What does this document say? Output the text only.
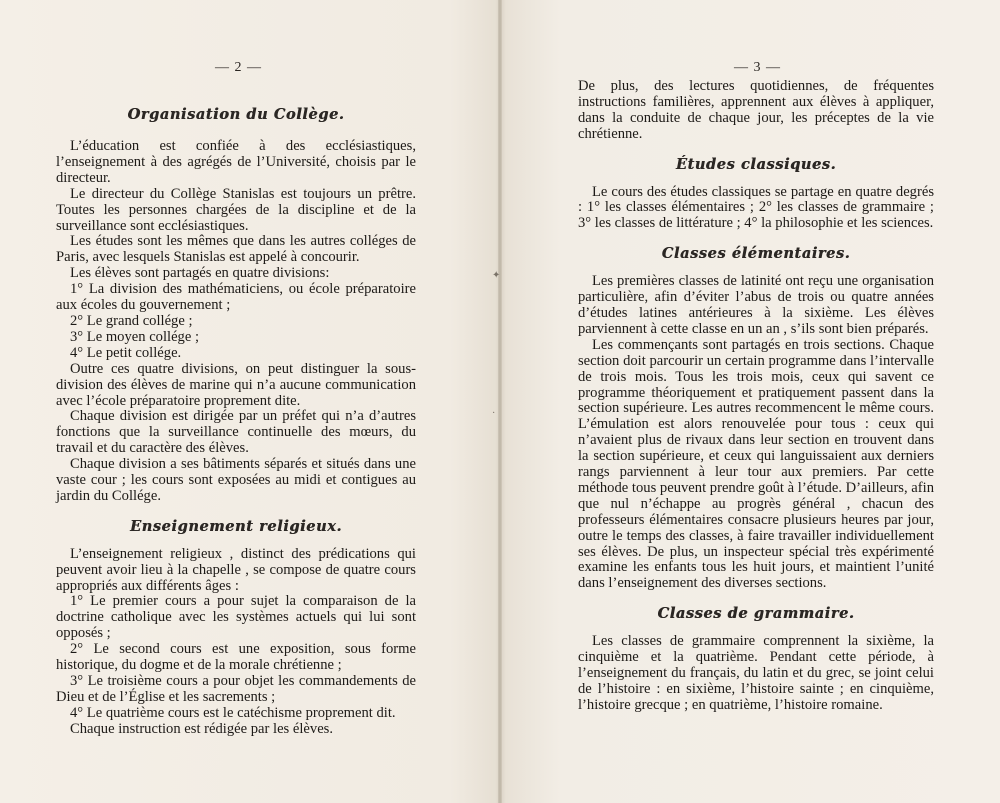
— 2 —
Organisation du Collège.

L’éducation est confiée à des ecclésiastiques, l’enseignement à des agrégés de l’Université, choisis par le directeur.

Le directeur du Collège Stanislas est toujours un prêtre. Toutes les personnes chargées de la discipline et de la surveillance sont ecclésiastiques.

Les études sont les mêmes que dans les autres colléges de Paris, avec lesquels Stanislas est appelé à concourir.

Les élèves sont partagés en quatre divisions:

1° La division des mathématiciens, ou école préparatoire aux écoles du gouvernement ;

2° Le grand collége ;

3° Le moyen collége ;

4° Le petit collége.

Outre ces quatre divisions, on peut distinguer la sous-division des élèves de marine qui n’a aucune communication avec l’école préparatoire proprement dite.

Chaque division est dirigée par un préfet qui n’a d’autres fonctions que la surveillance continuelle des mœurs, du travail et du caractère des élèves.

Chaque division a ses bâtiments séparés et situés dans une vaste cour ; les cours sont exposées au midi et contigues au jardin du Collége.

Enseignement religieux.

L’enseignement religieux , distinct des prédications qui peuvent avoir lieu à la chapelle , se compose de quatre cours appropriés aux différents âges :

1° Le premier cours a pour sujet la comparaison de la doctrine catholique avec les systèmes actuels qui lui sont opposés ;

2° Le second cours est une exposition, sous forme historique, du dogme et de la morale chrétienne ;

3° Le troisième cours a pour objet les commandements de Dieu et de l’Église et les sacrements ;

4° Le quatrième cours est le catéchisme proprement dit.

Chaque instruction est rédigée par les élèves.

— 3 —

De plus, des lectures quotidiennes, de fréquentes instructions familières, apprennent aux élèves à appliquer, dans la conduite de chaque jour, les préceptes de la vie chrétienne.

Études classiques.

Le cours des études classiques se partage en quatre degrés : 1° les classes élémentaires ; 2° les classes de grammaire ; 3° les classes de littérature ; 4° la philosophie et les sciences.

Classes élémentaires.

Les premières classes de latinité ont reçu une organisation particulière, afin d’éviter l’abus de trois ou quatre années d’études latines antérieures à la sixième. Les élèves parviennent à cette classe en un an , s’ils sont bien préparés.

Les commençants sont partagés en trois sections. Chaque section doit parcourir un certain programme dans l’intervalle de trois mois. Tous les trois mois, ceux qui savent ce programme théoriquement et pratiquement passent dans la section supérieure. Les autres recommencent le même cours. L’émulation est alors renouvelée pour tous : ceux qui n’avaient plus de rivaux dans leur section en trouvent dans la section supérieure, et ceux qui languissaient aux derniers rangs parviennent à leur tour aux premiers. Par cette méthode tous peuvent prendre goût à l’étude. D’ailleurs, afin que nul n’échappe au progrès général , chacun des professeurs élémentaires consacre plusieurs heures par jour, outre le temps des classes, à faire travailler individuellement ses élèves. De plus, un inspecteur spécial très expérimenté examine les enfants tous les huit jours, et maintient l’unité dans l’enseignement des diverses sections.

Classes de grammaire.

Les classes de grammaire comprennent la sixième, la cinquième et la quatrième. Pendant cette période, à l’enseignement du français, du latin et du grec, se joint celui de l’histoire : en sixième, l’histoire sainte ; en cinquième, l’histoire grecque ; en quatrième, l’histoire romaine.

✦
·
